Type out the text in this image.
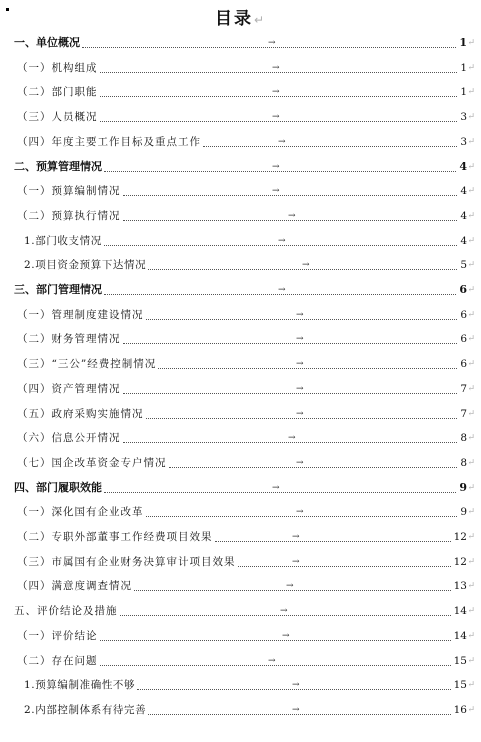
目录↵
一、单位概况	→	1 ↵
（一）机构组成	→	1 ↵
（二）部门职能	→	1 ↵
（三）人员概况	→	3 ↵
（四）年度主要工作目标及重点工作	→	3 ↵
二、预算管理情况	→	4 ↵
（一）预算编制情况	→	4 ↵
（二）预算执行情况	→	4 ↵
1.部门收支情况	→	4 ↵
2.项目资金预算下达情况	→	5 ↵
三、部门管理情况	→	6 ↵
（一）管理制度建设情况	→	6 ↵
（二）财务管理情况	→	6 ↵
（三）“三公”经费控制情况	→	6 ↵
（四）资产管理情况	→	7 ↵
（五）政府采购实施情况	→	7 ↵
（六）信息公开情况	→	8 ↵
（七）国企改革资金专户情况	→	8 ↵
四、部门履职效能	→	9 ↵
（一）深化国有企业改革	→	9 ↵
（二）专职外部董事工作经费项目效果	→	12 ↵
（三）市属国有企业财务决算审计项目效果	→	12 ↵
（四）满意度调查情况	→	13 ↵
五、评价结论及措施	→	14 ↵
（一）评价结论	→	14 ↵
（二）存在问题	→	15 ↵
1.预算编制准确性不够	→	15 ↵
2.内部控制体系有待完善	→	16 ↵
